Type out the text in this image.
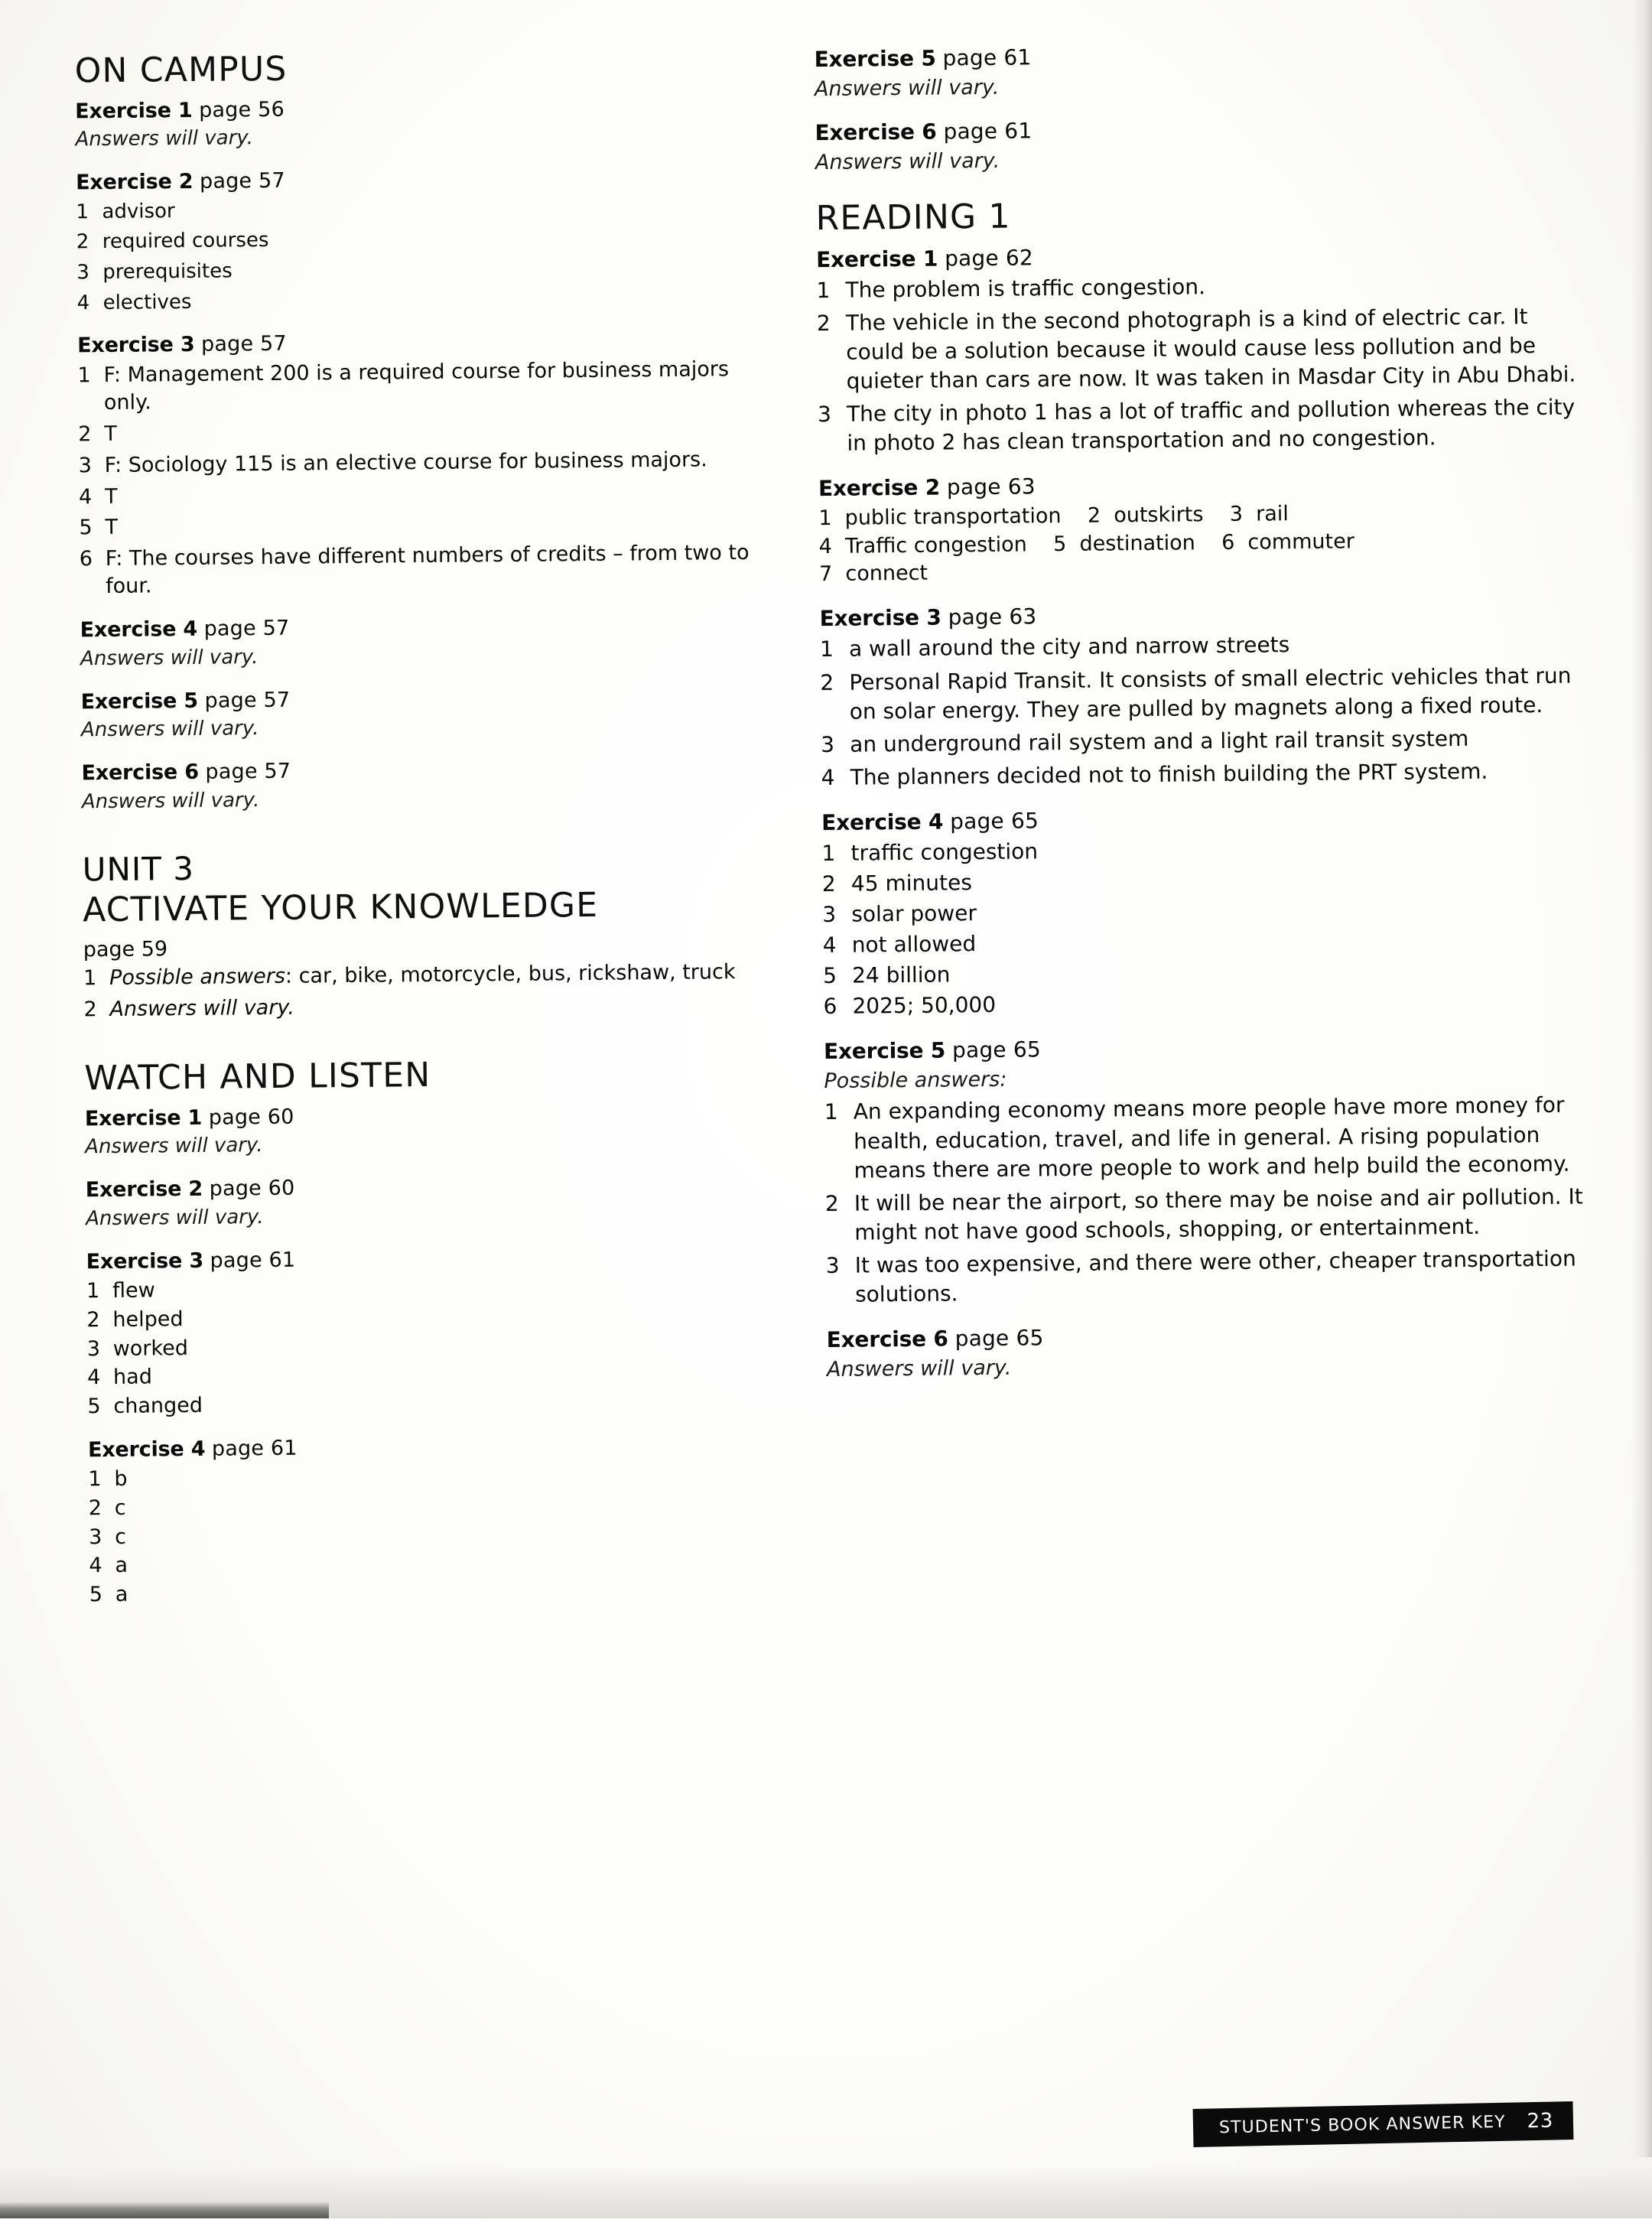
ON CAMPUS

Exercise 1 page 56

Answers will vary.

Exercise 2 page 57

1 advisor
2 required courses
3 prerequisites
4 electives

Exercise 3 page 57

1 F: Management 200 is a required course for business majors only.
2 T
3 F: Sociology 115 is an elective course for business majors.
4 T
5 T
6 F: The courses have different numbers of credits – from two to four.

Exercise 4 page 57

Answers will vary.

Exercise 5 page 57

Answers will vary.

Exercise 6 page 57

Answers will vary.

UNIT 3
ACTIVATE YOUR KNOWLEDGE

page 59

1 Possible answers: car, bike, motorcycle, bus, rickshaw, truck
2 Answers will vary.
WATCH AND LISTEN

Exercise 1 page 60

Answers will vary.

Exercise 2 page 60

Answers will vary.

Exercise 3 page 61

1 flew
2 helped
3 worked
4 had
5 changed

Exercise 4 page 61

1 b
2 c
3 c
4 a
5 a

Exercise 5 page 61

Answers will vary.

Exercise 6 page 61

Answers will vary.

READING 1

Exercise 1 page 62

1 The problem is traffic congestion.
2 The vehicle in the second photograph is a kind of electric car. It could be a solution because it would cause less pollution and be quieter than cars are now. It was taken in Masdar City in Abu Dhabi.
3 The city in photo 1 has a lot of traffic and pollution whereas the city in photo 2 has clean transportation and no congestion.

Exercise 2 page 63

1 public transportation 2 outskirts 3 rail

4 Traffic congestion 5 destination 6 commuter

7 connect

Exercise 3 page 63

1 a wall around the city and narrow streets
2 Personal Rapid Transit. It consists of small electric vehicles that run on solar energy. They are pulled by magnets along a fixed route.
3 an underground rail system and a light rail transit system
4 The planners decided not to finish building the PRT system.

Exercise 4 page 65

1 traffic congestion
2 45 minutes
3 solar power
4 not allowed
5 24 billion
6 2025; 50,000

Exercise 5 page 65

Possible answers:

1 An expanding economy means more people have more money for health, education, travel, and life in general. A rising population means there are more people to work and help build the economy.
2 It will be near the airport, so there may be noise and air pollution. It might not have good schools, shopping, or entertainment.
3 It was too expensive, and there were other, cheaper transportation solutions.

Exercise 6 page 65

Answers will vary.

STUDENT'S BOOK ANSWER KEY 23
